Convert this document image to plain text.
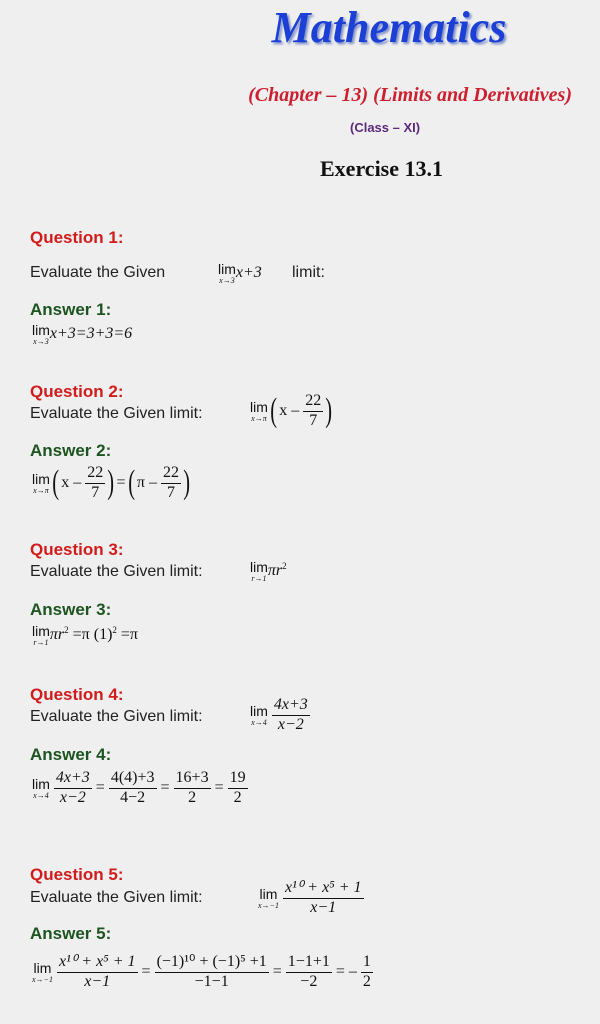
Mathematics
(Chapter – 13) (Limits and Derivatives)
(Class – XI)
Exercise 13.1
Question 1:
Evaluate the Given	lim
x→3 x+3 limit:
Answer 1:
lim
x→3 x+3=3+3=6
Question 2:
Evaluate the Given limit:	lim
x→π ( x – $\frac{22}{7}$ )
Answer 2:
lim
x→π ( x – $\frac{22}{7}$ ) =( π – $\frac{22}{7}$ )
Question 3:
Evaluate the Given limit:	lim
r→1 $\pi r^2$
Answer 3:
lim
r→1 $\pi r^2 =\pi$ $(1)^2 =\pi$
Question 4:
Evaluate the Given limit:	lim
x→4
$\frac{4x+3}{x-2}$
Answer 4:
lim
x→4
$\frac{4x+3}{x-2} = \frac{4(4)+3}{4-2} = \frac{16+3}{2} = \frac{19}{2}$
Question 5:
Evaluate the Given limit:	lim
x→−1
$\frac{\text{x¹⁰ + x⁵ + 1}}{x-1}$
Answer 5:
lim
x→−1
$\frac{\text{x¹⁰ + x⁵ + 1}}{x-1} = \frac{\text{(−1)¹⁰ + (−1)⁵ +1}}{-1-1} = \frac{1-1+1}{-2}$ = – $\frac{1}{2}$
